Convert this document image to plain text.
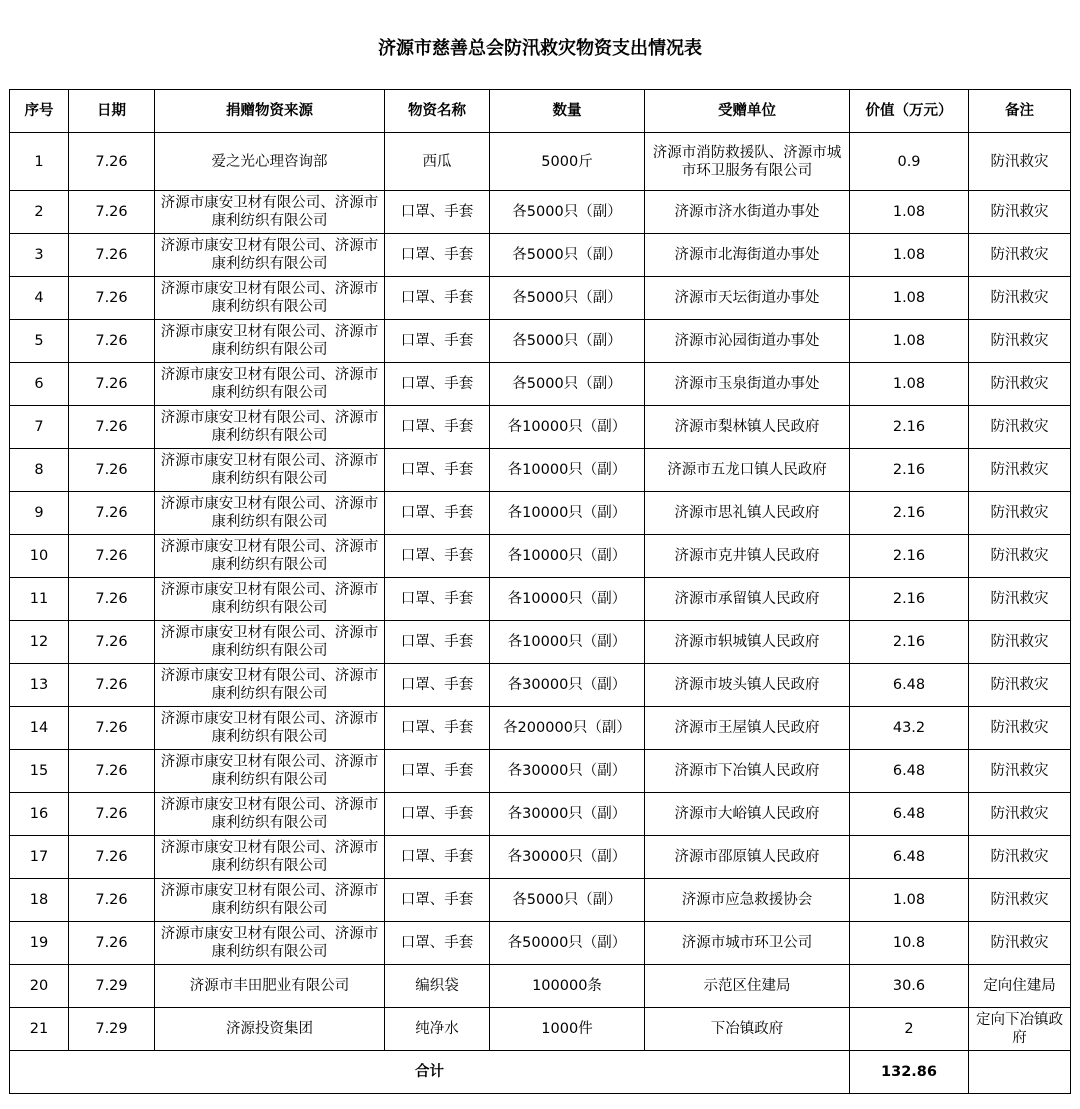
济源市慈善总会防汛救灾物资支出情况表
序号	日期	捐赠物资来源	物资名称	数量	受赠单位	价值（万元）	备注
1	7.26	爱之光心理咨询部	西瓜	5000斤	济源市消防救援队、济源市城市环卫服务有限公司	0.9	防汛救灾
2	7.26	济源市康安卫材有限公司、济源市康利纺织有限公司	口罩、手套	各5000只（副）	济源市济水街道办事处	1.08	防汛救灾
3	7.26	济源市康安卫材有限公司、济源市康利纺织有限公司	口罩、手套	各5000只（副）	济源市北海街道办事处	1.08	防汛救灾
4	7.26	济源市康安卫材有限公司、济源市康利纺织有限公司	口罩、手套	各5000只（副）	济源市天坛街道办事处	1.08	防汛救灾
5	7.26	济源市康安卫材有限公司、济源市康利纺织有限公司	口罩、手套	各5000只（副）	济源市沁园街道办事处	1.08	防汛救灾
6	7.26	济源市康安卫材有限公司、济源市康利纺织有限公司	口罩、手套	各5000只（副）	济源市玉泉街道办事处	1.08	防汛救灾
7	7.26	济源市康安卫材有限公司、济源市康利纺织有限公司	口罩、手套	各10000只（副）	济源市梨林镇人民政府	2.16	防汛救灾
8	7.26	济源市康安卫材有限公司、济源市康利纺织有限公司	口罩、手套	各10000只（副）	济源市五龙口镇人民政府	2.16	防汛救灾
9	7.26	济源市康安卫材有限公司、济源市康利纺织有限公司	口罩、手套	各10000只（副）	济源市思礼镇人民政府	2.16	防汛救灾
10	7.26	济源市康安卫材有限公司、济源市康利纺织有限公司	口罩、手套	各10000只（副）	济源市克井镇人民政府	2.16	防汛救灾
11	7.26	济源市康安卫材有限公司、济源市康利纺织有限公司	口罩、手套	各10000只（副）	济源市承留镇人民政府	2.16	防汛救灾
12	7.26	济源市康安卫材有限公司、济源市康利纺织有限公司	口罩、手套	各10000只（副）	济源市轵城镇人民政府	2.16	防汛救灾
13	7.26	济源市康安卫材有限公司、济源市康利纺织有限公司	口罩、手套	各30000只（副）	济源市坡头镇人民政府	6.48	防汛救灾
14	7.26	济源市康安卫材有限公司、济源市康利纺织有限公司	口罩、手套	各200000只（副）	济源市王屋镇人民政府	43.2	防汛救灾
15	7.26	济源市康安卫材有限公司、济源市康利纺织有限公司	口罩、手套	各30000只（副）	济源市下冶镇人民政府	6.48	防汛救灾
16	7.26	济源市康安卫材有限公司、济源市康利纺织有限公司	口罩、手套	各30000只（副）	济源市大峪镇人民政府	6.48	防汛救灾
17	7.26	济源市康安卫材有限公司、济源市康利纺织有限公司	口罩、手套	各30000只（副）	济源市邵原镇人民政府	6.48	防汛救灾
18	7.26	济源市康安卫材有限公司、济源市康利纺织有限公司	口罩、手套	各5000只（副）	济源市应急救援协会	1.08	防汛救灾
19	7.26	济源市康安卫材有限公司、济源市康利纺织有限公司	口罩、手套	各50000只（副）	济源市城市环卫公司	10.8	防汛救灾
20	7.29	济源市丰田肥业有限公司	编织袋	100000条	示范区住建局	30.6	定向住建局
21	7.29	济源投资集团	纯净水	1000件	下冶镇政府	2	定向下冶镇政府
合计						132.86	
